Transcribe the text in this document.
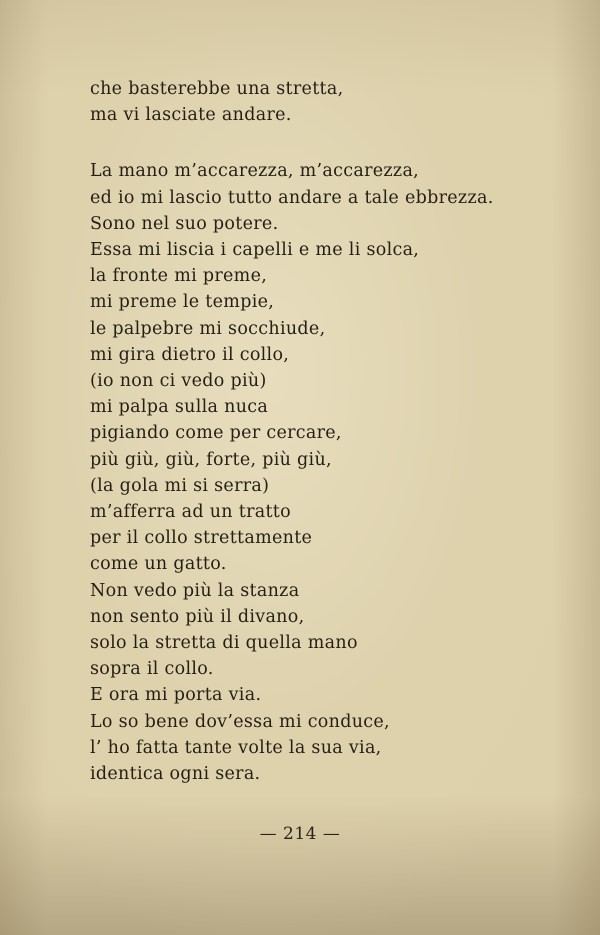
che basterebbe una stretta,
ma vi lasciate andare.
La mano m’accarezza, m’accarezza,
ed io mi lascio tutto andare a tale ebbrezza.
Sono nel suo potere.
Essa mi liscia i capelli e me li solca,
la fronte mi preme,
mi preme le tempie,
le palpebre mi socchiude,
mi gira dietro il collo,
(io non ci vedo più)
mi palpa sulla nuca
pigiando come per cercare,
più giù, giù, forte, più giù,
(la gola mi si serra)
m’afferra ad un tratto
per il collo strettamente
come un gatto.
Non vedo più la stanza
non sento più il divano,
solo la stretta di quella mano
sopra il collo.
E ora mi porta via.
Lo so bene dov’essa mi conduce,
l’ ho fatta tante volte la sua via,
identica ogni sera.
— 214 —
